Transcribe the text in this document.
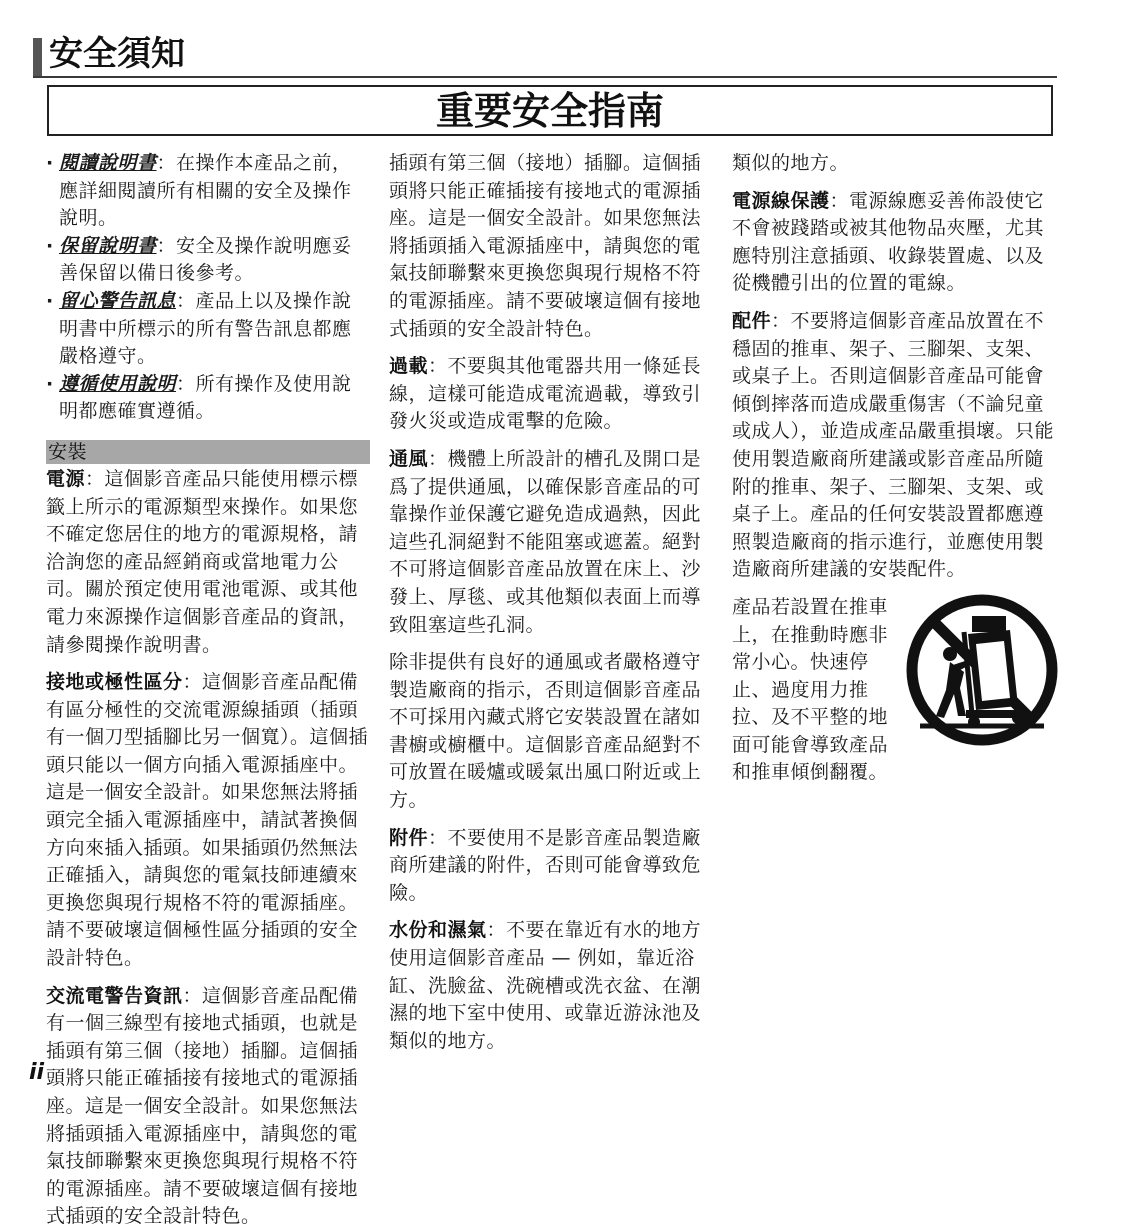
安全須知
重要安全指南
· 閱讀說明書：在操作本產品之前，應詳細閱讀所有相關的安全及操作說明。
· 保留說明書：安全及操作說明應妥善保留以備日後參考。
· 留心警告訊息：產品上以及操作說明書中所標示的所有警告訊息都應嚴格遵守。
· 遵循使用說明：所有操作及使用說明都應確實遵循。
安裝

電源：這個影音產品只能使用標示標籤上所示的電源類型來操作。如果您不確定您居住的地方的電源規格，請洽詢您的產品經銷商或當地電力公司。關於預定使用電池電源、或其他電力來源操作這個影音產品的資訊，請參閱操作說明書。

接地或極性區分：這個影音產品配備有區分極性的交流電源線插頭（插頭有一個刀型插腳比另一個寬）。這個插頭只能以一個方向插入電源插座中。這是一個安全設計。如果您無法將插頭完全插入電源插座中，請試著換個方向來插入插頭。如果插頭仍然無法正確插入，請與您的電氣技師連續來更換您與現行規格不符的電源插座。請不要破壞這個極性區分插頭的安全設計特色。

交流電警告資訊：這個影音產品配備有一個三線型有接地式插頭，也就是插頭有第三個（接地）插腳。這個插頭將只能正確插接有接地式的電源插座。這是一個安全設計。如果您無法將插頭插入電源插座中，請與您的電氣技師聯繫來更換您與現行規格不符的電源插座。請不要破壞這個有接地式插頭的安全設計特色。

插頭有第三個（接地）插腳。這個插頭將只能正確插接有接地式的電源插座。這是一個安全設計。如果您無法將插頭插入電源插座中，請與您的電氣技師聯繫來更換您與現行規格不符的電源插座。請不要破壞這個有接地式插頭的安全設計特色。

過載：不要與其他電器共用一條延長線，這樣可能造成電流過載，導致引發火災或造成電擊的危險。

通風：機體上所設計的槽孔及開口是爲了提供通風，以確保影音產品的可靠操作並保護它避免造成過熱，因此這些孔洞絕對不能阻塞或遮蓋。絕對不可將這個影音產品放置在床上、沙發上、厚毯、或其他類似表面上而導致阻塞這些孔洞。

除非提供有良好的通風或者嚴格遵守製造廠商的指示，否則這個影音產品不可採用內藏式將它安裝設置在諸如書櫥或櫥櫃中。這個影音產品絕對不可放置在暖爐或暖氣出風口附近或上方。

附件：不要使用不是影音產品製造廠商所建議的附件，否則可能會導致危險。

水份和濕氣：不要在靠近有水的地方使用這個影音產品 — 例如，靠近浴缸、洗臉盆、洗碗槽或洗衣盆、在潮濕的地下室中使用、或靠近游泳池及類似的地方。

類似的地方。

電源線保護：電源線應妥善佈設使它不會被踐踏或被其他物品夾壓，尤其應特別注意插頭、收錄裝置處、以及從機體引出的位置的電線。

配件：不要將這個影音產品放置在不穩固的推車、架子、三腳架、支架、或桌子上。否則這個影音產品可能會傾倒摔落而造成嚴重傷害（不論兒童或成人），並造成產品嚴重損壞。只能使用製造廠商所建議或影音產品所隨附的推車、架子、三腳架、支架、或桌子上。產品的任何安裝設置都應遵照製造廠商的指示進行，並應使用製造廠商所建議的安裝配件。

產品若設置在推車上，在推動時應非常小心。快速停止、過度用力推拉、及不平整的地面可能會導致產品和推車傾倒翻覆。
ii
